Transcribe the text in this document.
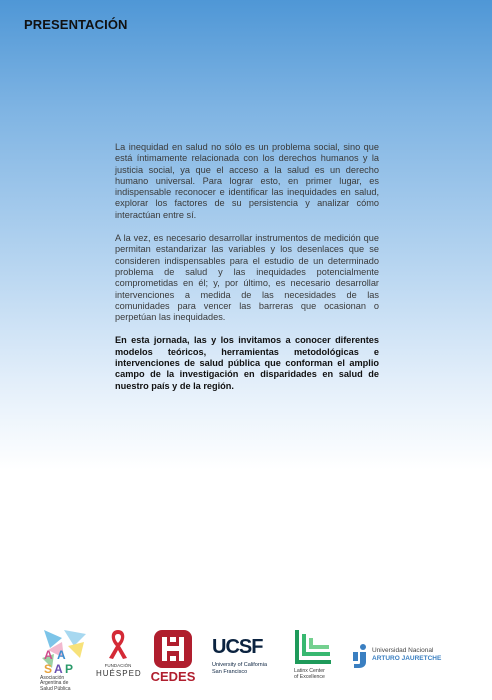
PRESENTACIÓN

La inequidad en salud no sólo es un problema social, sino que está íntimamente relacionada con los derechos humanos y la justicia social, ya que el acceso a la salud es un derecho humano universal. Para lograr esto, en primer lugar, es indispensable reconocer e identificar las inequidades en salud, explorar los factores de su persistencia y analizar cómo interactúan entre sí.

A la vez, es necesario desarrollar instrumentos de medición que permitan estandarizar las variables y los desenlaces que se consideren indispensables para el estudio de un determinado problema de salud y las inequidades potencialmente comprometidas en él; y, por último, es necesario desarrollar intervenciones a medida de las necesidades de las comunidades para vencer las barreras que ocasionan o perpetúan las inequidades.

En esta jornada, las y los invitamos a conocer diferentes modelos teóricos, herramientas metodológicas e intervenciones de salud pública que conforman el amplio campo de la investigación en disparidades en salud de nuestro país y de la región.

A A
S A P
Asociación Argentina de Salud Pública
FUNDACIÓN
HUÉSPED CEDES
UCSF
University of California
San Francisco	Latinx Center
of Excellence
Universidad Nacional
ARTURO JAURETCHE
